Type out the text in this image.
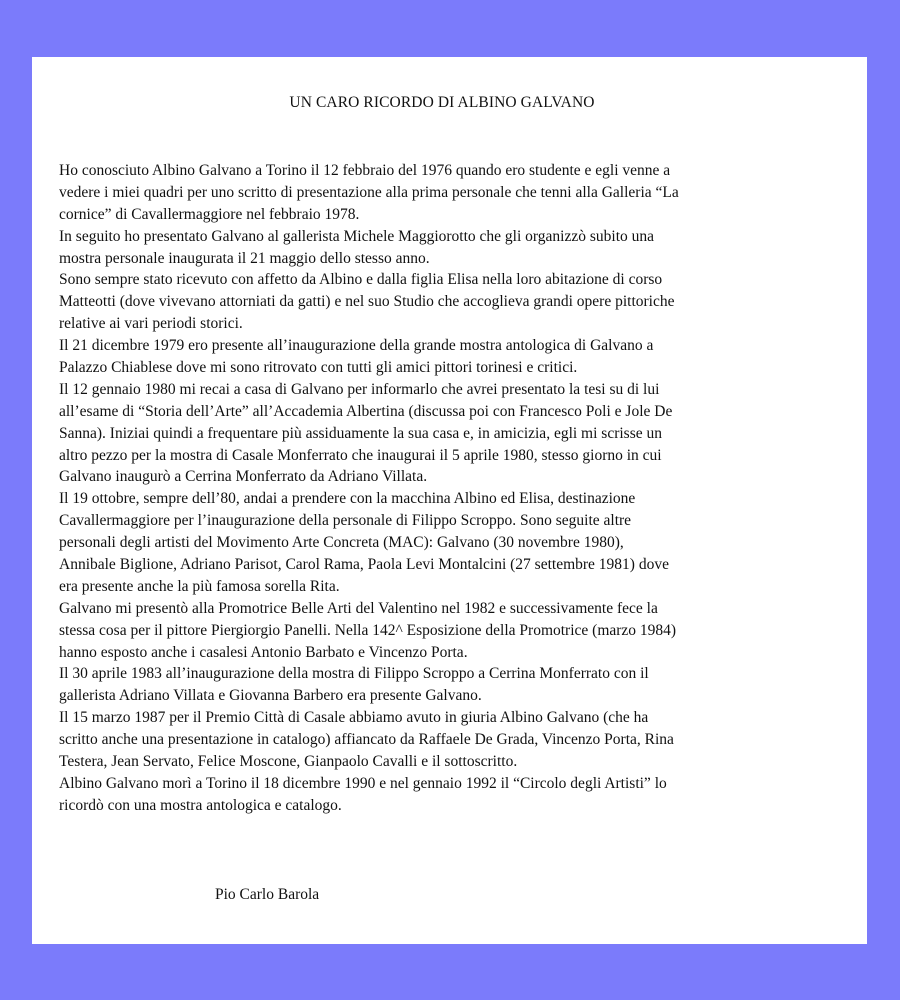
UN CARO RICORDO DI ALBINO GALVANO
Ho conosciuto Albino Galvano a Torino il 12 febbraio del 1976 quando ero studente e egli venne a
vedere i miei quadri per uno scritto di presentazione alla prima personale che tenni alla Galleria “La
cornice” di Cavallermaggiore nel febbraio 1978.
In seguito ho presentato Galvano al gallerista Michele Maggiorotto che gli organizzò subito una
mostra personale inaugurata il 21 maggio dello stesso anno.
Sono sempre stato ricevuto con affetto da Albino e dalla figlia Elisa nella loro abitazione di corso
Matteotti (dove vivevano attorniati da gatti) e nel suo Studio che accoglieva grandi opere pittoriche
relative ai vari periodi storici.
Il 21 dicembre 1979 ero presente all’inaugurazione della grande mostra antologica di Galvano a
Palazzo Chiablese dove mi sono ritrovato con tutti gli amici pittori torinesi e critici.
Il 12 gennaio 1980 mi recai a casa di Galvano per informarlo che avrei presentato la tesi su di lui
all’esame di “Storia dell’Arte” all’Accademia Albertina (discussa poi con Francesco Poli e Jole De
Sanna). Iniziai quindi a frequentare più assiduamente la sua casa e, in amicizia, egli mi scrisse un
altro pezzo per la mostra di Casale Monferrato che inaugurai il 5 aprile 1980, stesso giorno in cui
Galvano inaugurò a Cerrina Monferrato da Adriano Villata.
Il 19 ottobre, sempre dell’80, andai a prendere con la macchina Albino ed Elisa, destinazione
Cavallermaggiore per l’inaugurazione della personale di Filippo Scroppo. Sono seguite altre
personali degli artisti del Movimento Arte Concreta (MAC): Galvano (30 novembre 1980),
Annibale Biglione, Adriano Parisot, Carol Rama, Paola Levi Montalcini (27 settembre 1981) dove
era presente anche la più famosa sorella Rita.
Galvano mi presentò alla Promotrice Belle Arti del Valentino nel 1982 e successivamente fece la
stessa cosa per il pittore Piergiorgio Panelli. Nella 142^ Esposizione della Promotrice (marzo 1984)
hanno esposto anche i casalesi Antonio Barbato e Vincenzo Porta.
Il 30 aprile 1983 all’inaugurazione della mostra di Filippo Scroppo a Cerrina Monferrato con il
gallerista Adriano Villata e Giovanna Barbero era presente Galvano.
Il 15 marzo 1987 per il Premio Città di Casale abbiamo avuto in giuria Albino Galvano (che ha
scritto anche una presentazione in catalogo) affiancato da Raffaele De Grada, Vincenzo Porta, Rina
Testera, Jean Servato, Felice Moscone, Gianpaolo Cavalli e il sottoscritto.
Albino Galvano morì a Torino il 18 dicembre 1990 e nel gennaio 1992 il “Circolo degli Artisti” lo
ricordò con una mostra antologica e catalogo.
Pio Carlo Barola
